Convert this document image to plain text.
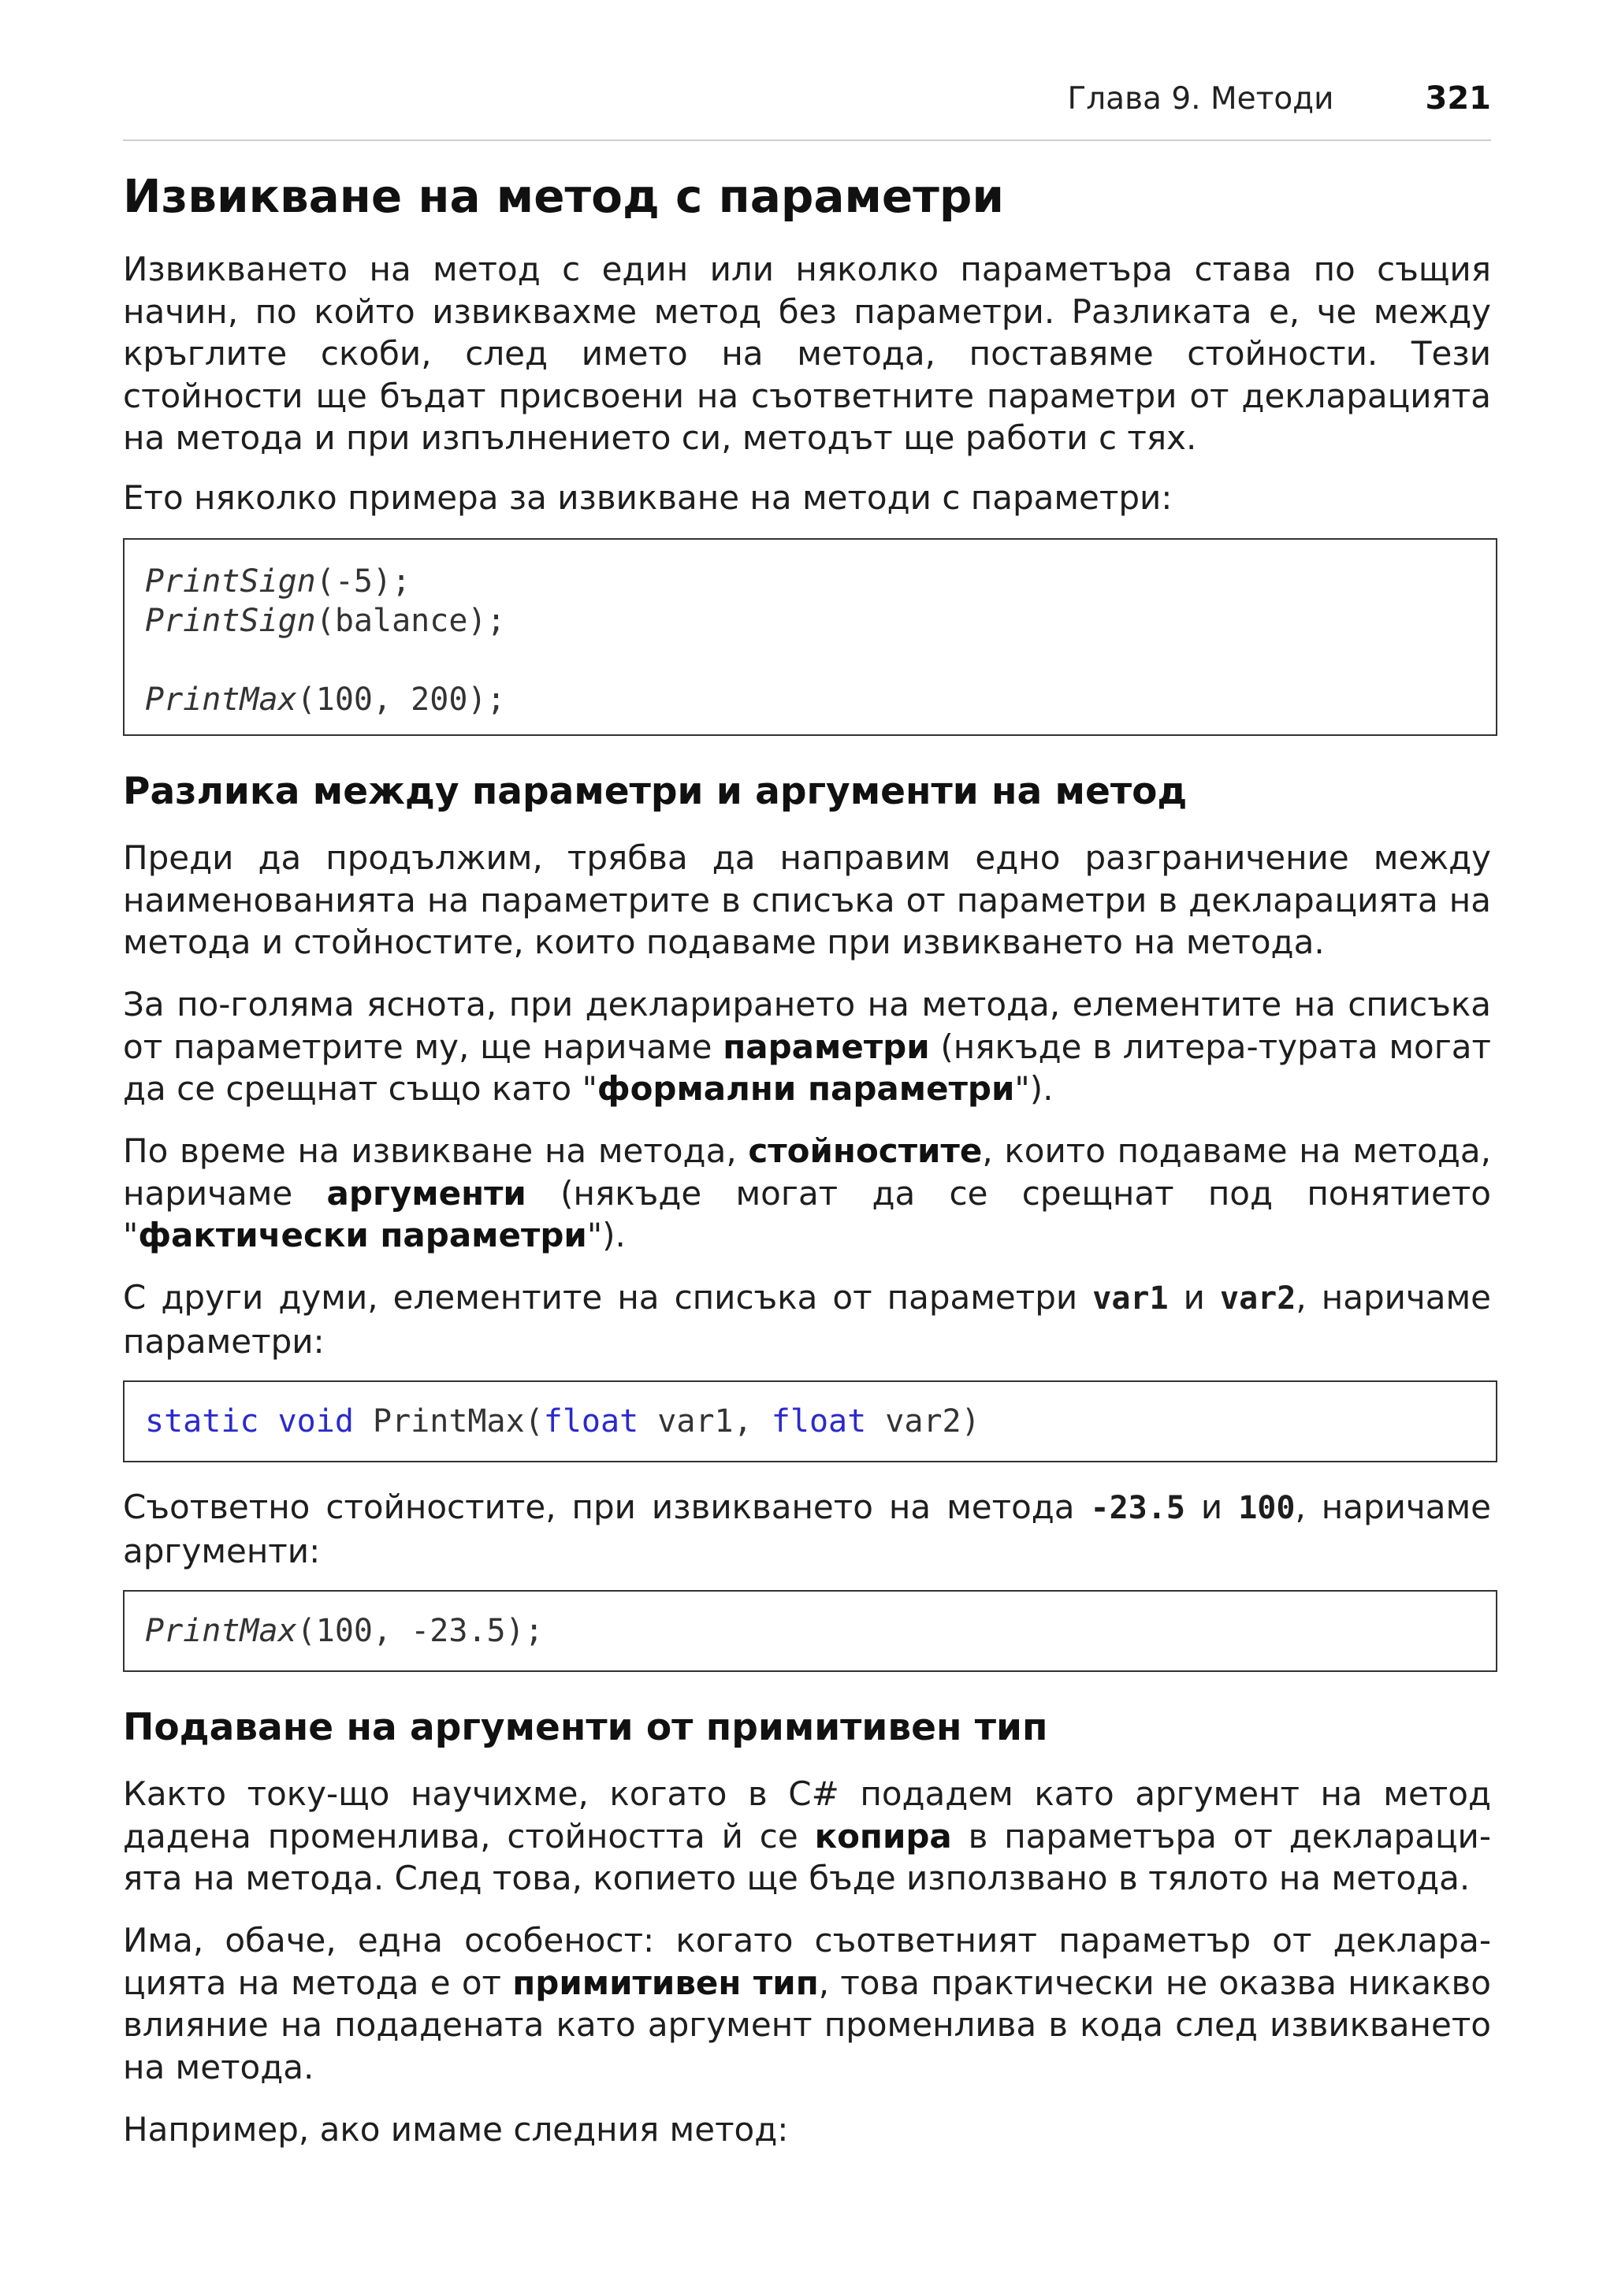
Глава 9. Методи	321
Извикване на метод с параметри

Извикването на метод с един или няколко параметъра става по същия начин, по който извиквахме метод без параметри. Разликата е, че между кръглите скоби, след името на метода, поставяме стойности. Тези стойности ще бъдат присвоени на съответните параметри от декларацията на метода и при изпълнението си, методът ще работи с тях.

Ето няколко примера за извикване на методи с параметри:

PrintSign(-5);
PrintSign(balance);
PrintMax(100, 200);
Разлика между параметри и аргументи на метод

Преди да продължим, трябва да направим едно разграничение между наименованията на параметрите в списъка от параметри в декларацията на метода и стойностите, които подаваме при извикването на метода.

За по-голяма яснота, при декларирането на метода, елементите на списъка от параметрите му, ще наричаме параметри (някъде в литера-турата могат да се срещнат също като "формални параметри").

По време на извикване на метода, стойностите, които подаваме на метода, наричаме аргументи (някъде могат да се срещнат под понятието "фактически параметри").

С други думи, елементите на списъка от параметри var1 и var2, наричаме параметри:

static void PrintMax(float var1, float var2)

Съответно стойностите, при извикването на метода -23.5 и 100, наричаме аргументи:

PrintMax(100, -23.5);
Подаване на аргументи от примитивен тип

Както току-що научихме, когато в C# подадем като аргумент на метод дадена променлива, стойността й се копира в параметъра от деклараци-ята на метода. След това, копието ще бъде използвано в тялото на метода.

Има, обаче, една особеност: когато съответният параметър от деклара-цията на метода е от примитивен тип, това практически не оказва никакво влияние на подадената като аргумент променлива в кода след извикването на метода.

Например, ако имаме следния метод:
